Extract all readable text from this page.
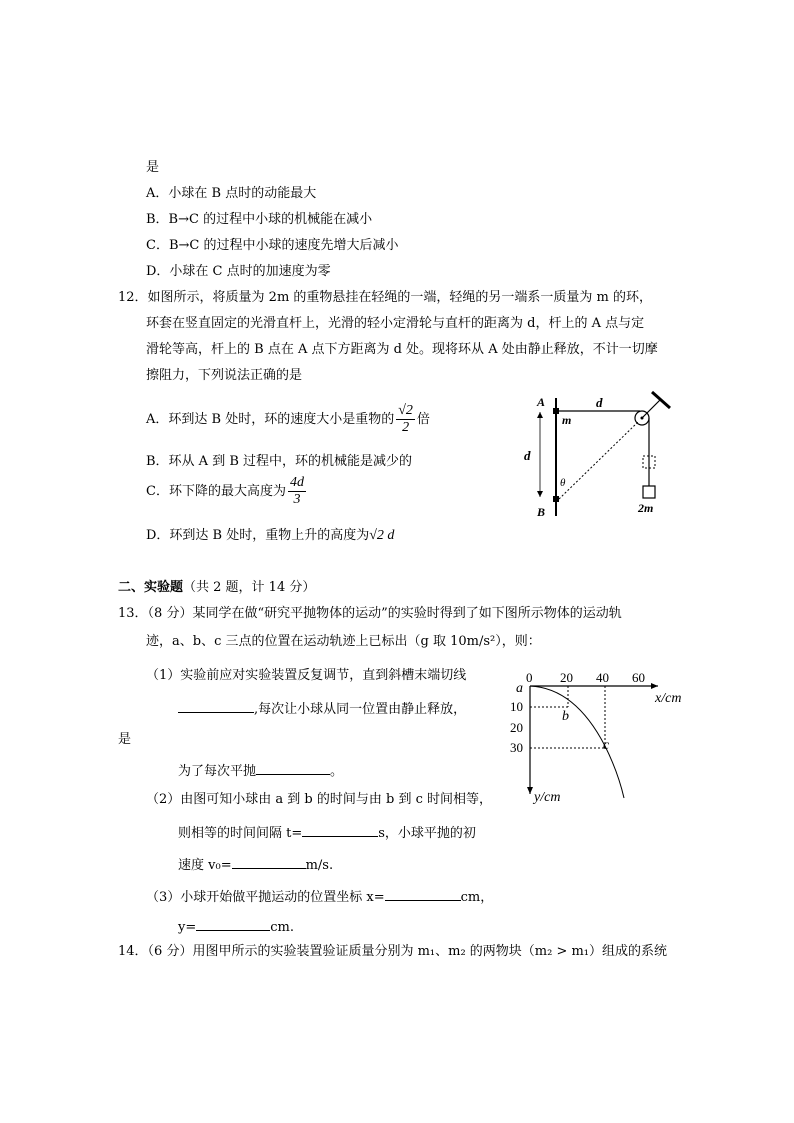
是
A．小球在 B 点时的动能最大
B．B→C 的过程中小球的机械能在减小
C．B→C 的过程中小球的速度先增大后减小
D．小球在 C 点时的加速度为零
12．如图所示，将质量为 2m 的重物悬挂在轻绳的一端，轻绳的另一端系一质量为 m 的环，
环套在竖直固定的光滑直杆上，光滑的轻小定滑轮与直杆的距离为 d，杆上的 A 点与定
滑轮等高，杆上的 B 点在 A 点下方距离为 d 处。现将环从 A 处由静止释放，不计一切摩
擦阻力，下列说法正确的是
A．环到达 B 处时，环的速度大小是重物的 $\frac{√2}{2}$ 倍
B．环从 A 到 B 过程中，环的机械能是减少的
C．环下降的最大高度为 $\frac{4d}{3}$
D．环到达 B 处时，重物上升的高度为√2 d
A
B
d
d
m
θ
2m
二、实验题（共 2 题，计 14 分）
13．（8 分）某同学在做“研究平抛物体的运动”的实验时得到了如下图所示物体的运动轨
迹，a、b、c 三点的位置在运动轨迹上已标出（g 取 10m/s²），则：
（1）实验前应对实验装置反复调节，直到斜槽末端切线
,每次让小球从同一位置由静止释放，
是
为了每次平抛	。
（2）由图可知小球由 a 到 b 的时间与由 b 到 c 时间相等，
则相等的时间间隔 t=	s，小球平抛的初
速度 v₀=	m/s.
（3）小球开始做平抛运动的位置坐标 x=	cm，
y=	cm.
0 20 40 60
x/cm
10
20
30
y/cm
a
b
c
14．（6 分）用图甲所示的实验装置验证质量分别为 m₁、m₂ 的两物块（m₂ > m₁）组成的系统
